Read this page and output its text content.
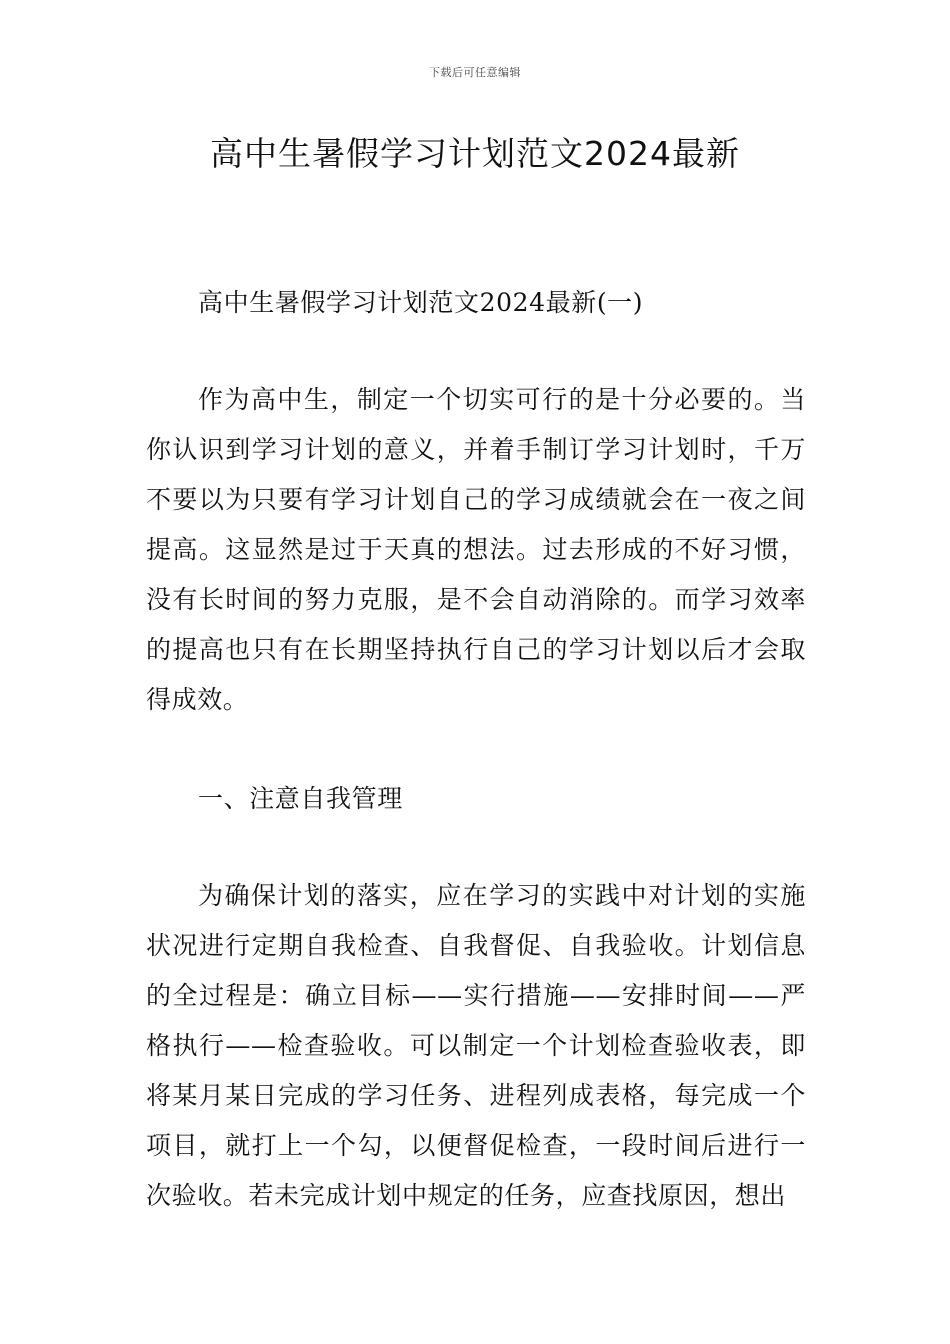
下载后可任意编辑
高中生暑假学习计划范文2024最新

高中生暑假学习计划范文2024最新(一)

作为高中生，制定一个切实可行的是十分必要的。当你认识到学习计划的意义，并着手制订学习计划时，千万不要以为只要有学习计划自己的学习成绩就会在一夜之间提高。这显然是过于天真的想法。过去形成的不好习惯，没有长时间的努力克服，是不会自动消除的。而学习效率的提高也只有在长期坚持执行自己的学习计划以后才会取得成效。

一、注意自我管理

为确保计划的落实，应在学习的实践中对计划的实施状况进行定期自我检查、自我督促、自我验收。计划信息的全过程是：确立目标——实行措施——安排时间——严格执行——检查验收。可以制定一个计划检查验收表，即将某月某日完成的学习任务、进程列成表格，每完成一个项目，就打上一个勾，以便督促检查，一段时间后进行一次验收。若未完成计划中规定的任务，应查找原因，想出
